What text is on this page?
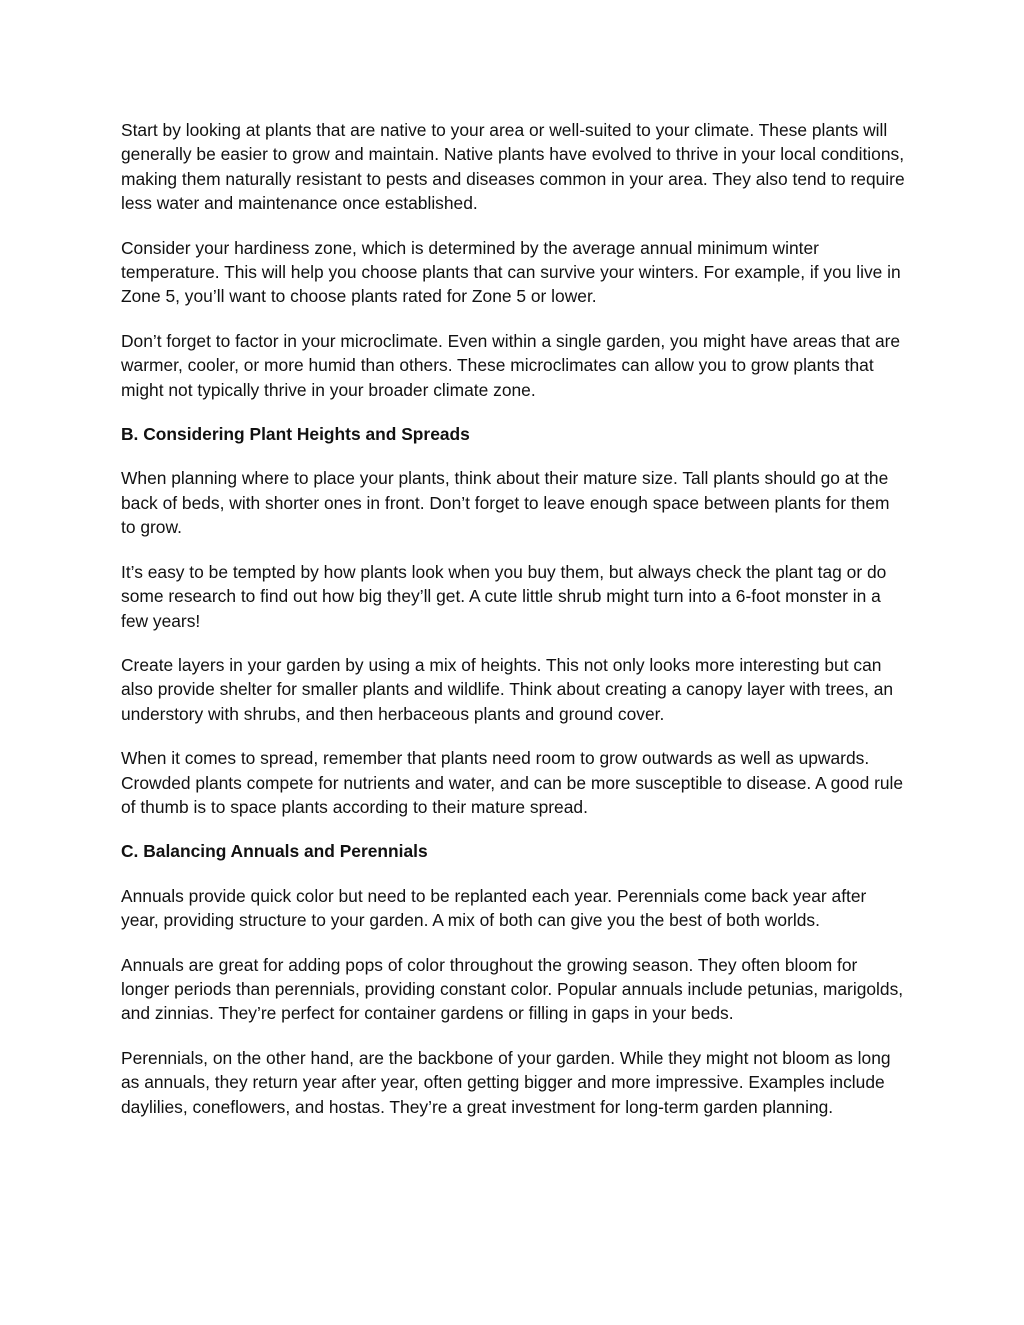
Start by looking at plants that are native to your area or well-suited to your climate. These plants will generally be easier to grow and maintain. Native plants have evolved to thrive in your local conditions, making them naturally resistant to pests and diseases common in your area. They also tend to require less water and maintenance once established.

Consider your hardiness zone, which is determined by the average annual minimum winter temperature. This will help you choose plants that can survive your winters. For example, if you live in Zone 5, you’ll want to choose plants rated for Zone 5 or lower.

Don’t forget to factor in your microclimate. Even within a single garden, you might have areas that are warmer, cooler, or more humid than others. These microclimates can allow you to grow plants that might not typically thrive in your broader climate zone.

B. Considering Plant Heights and Spreads

When planning where to place your plants, think about their mature size. Tall plants should go at the back of beds, with shorter ones in front. Don’t forget to leave enough space between plants for them to grow.

It’s easy to be tempted by how plants look when you buy them, but always check the plant tag or do some research to find out how big they’ll get. A cute little shrub might turn into a 6-foot monster in a few years!

Create layers in your garden by using a mix of heights. This not only looks more interesting but can also provide shelter for smaller plants and wildlife. Think about creating a canopy layer with trees, an understory with shrubs, and then herbaceous plants and ground cover.

When it comes to spread, remember that plants need room to grow outwards as well as upwards. Crowded plants compete for nutrients and water, and can be more susceptible to disease. A good rule of thumb is to space plants according to their mature spread.

C. Balancing Annuals and Perennials

Annuals provide quick color but need to be replanted each year. Perennials come back year after year, providing structure to your garden. A mix of both can give you the best of both worlds.

Annuals are great for adding pops of color throughout the growing season. They often bloom for longer periods than perennials, providing constant color. Popular annuals include petunias, marigolds, and zinnias. They’re perfect for container gardens or filling in gaps in your beds.

Perennials, on the other hand, are the backbone of your garden. While they might not bloom as long as annuals, they return year after year, often getting bigger and more impressive. Examples include daylilies, coneflowers, and hostas. They’re a great investment for long-term garden planning.
